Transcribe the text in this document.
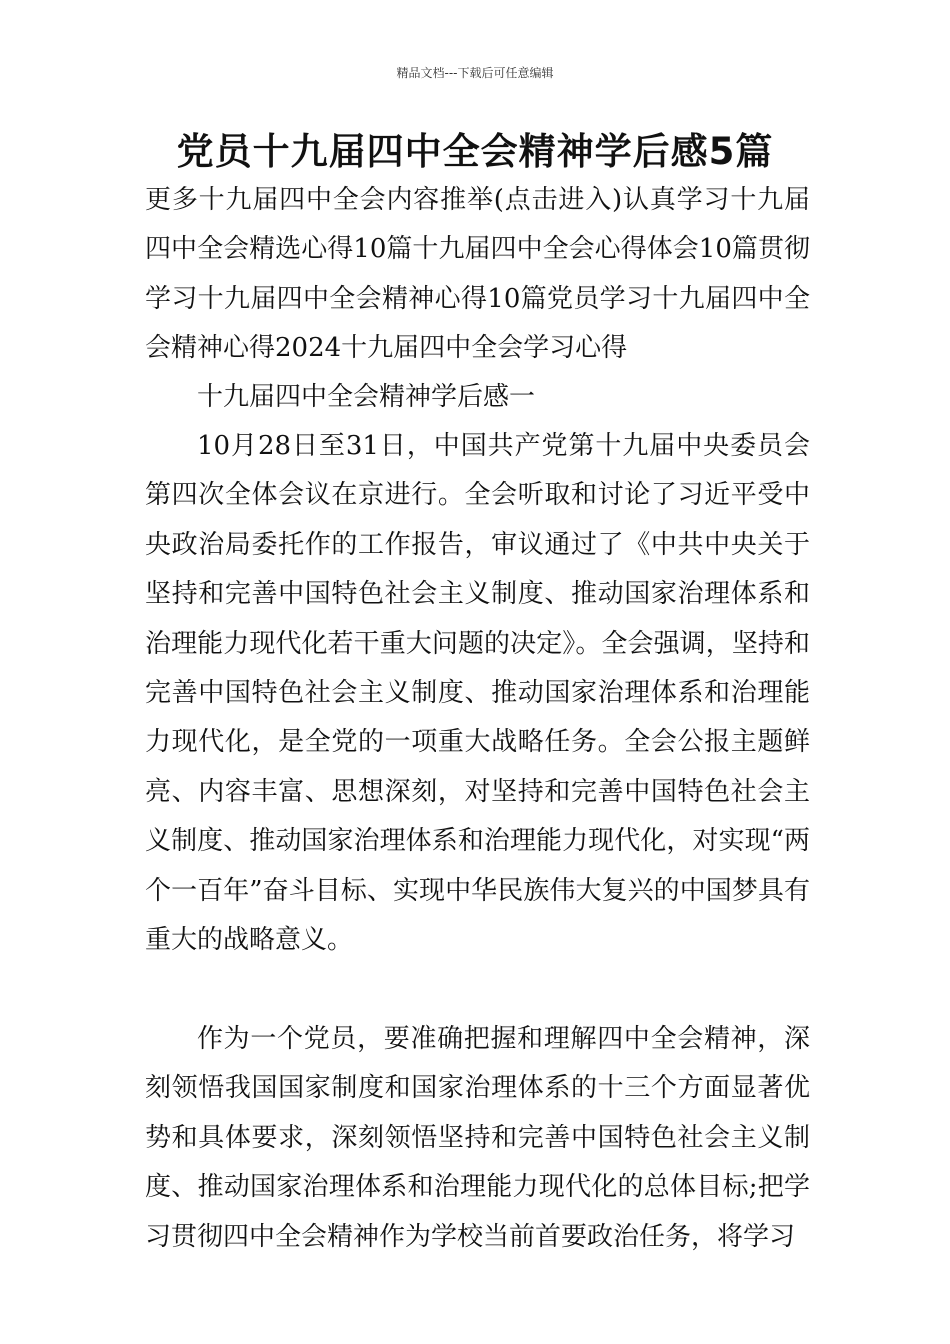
精品文档---下载后可任意编辑
党员十九届四中全会精神学后感5篇

更多十九届四中全会内容推举(点击进入)认真学习十九届四中全会精选心得10篇十九届四中全会心得体会10篇贯彻学习十九届四中全会精神心得10篇党员学习十九届四中全会精神心得2024十九届四中全会学习心得

十九届四中全会精神学后感一

10月28日至31日，中国共产党第十九届中央委员会第四次全体会议在京进行。全会听取和讨论了习近平受中央政治局委托作的工作报告，审议通过了《中共中央关于坚持和完善中国特色社会主义制度、推动国家治理体系和治理能力现代化若干重大问题的决定》。全会强调，坚持和完善中国特色社会主义制度、推动国家治理体系和治理能力现代化，是全党的一项重大战略任务。全会公报主题鲜亮、内容丰富、思想深刻，对坚持和完善中国特色社会主义制度、推动国家治理体系和治理能力现代化，对实现“两个一百年”奋斗目标、实现中华民族伟大复兴的中国梦具有重大的战略意义。

作为一个党员，要准确把握和理解四中全会精神，深刻领悟我国国家制度和国家治理体系的十三个方面显著优势和具体要求，深刻领悟坚持和完善中国特色社会主义制度、推动国家治理体系和治理能力现代化的总体目标;把学习贯彻四中全会精神作为学校当前首要政治任务，将学习
